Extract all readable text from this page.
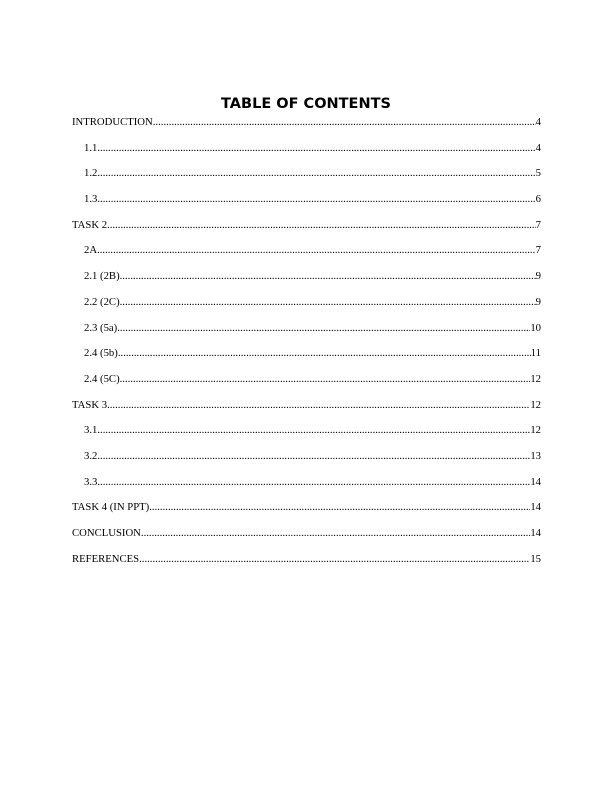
TABLE OF CONTENTS
INTRODUCTION .....	4
1.1 .....	4
1.2 .....	5
1.3 .....	6
TASK 2 .....	7
2A .....	7
2.1 (2B) .....	9
2.2 (2C) .....	9
2.3 (5a) .....	10
2.4 (5b) .....	11
2.4 (5C) .....	12
TASK 3 .....	12
3.1 .....	12
3.2 .....	13
3.3 .....	14
TASK 4 (IN PPT) .....	14
CONCLUSION .....	14
REFERENCES .....	15
